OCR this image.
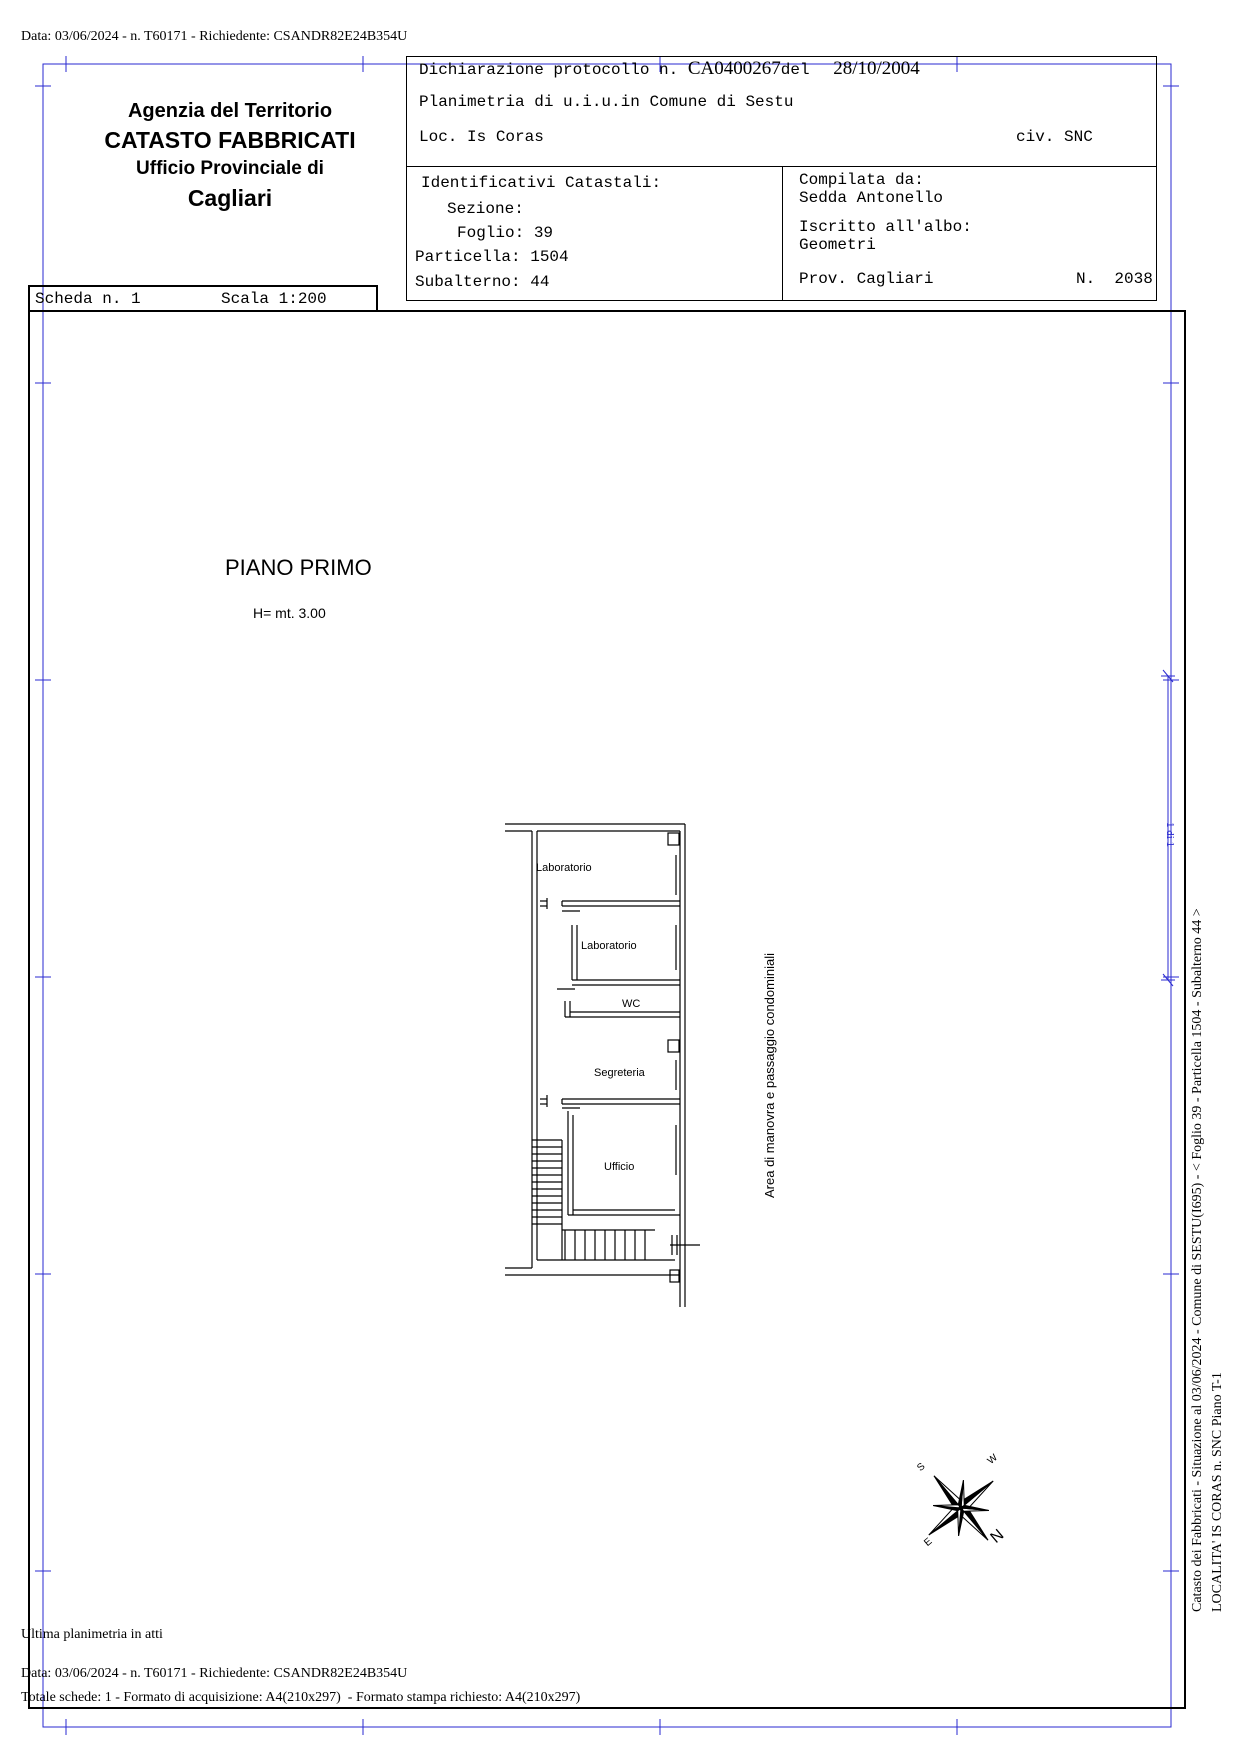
Data: 03/06/2024 - n. T60171 - Richiedente: CSANDR82E24B354U
Agenzia del Territorio
CATASTO FABBRICATI
Ufficio Provinciale di
Cagliari
Dichiarazione protocollo n. CA0400267del 28/10/2004
Planimetria di u.i.u.in Comune di Sestu
Loc. Is Coras	civ. SNC
Identificativi Catastali:
Sezione:
Foglio: 39
Particella: 1504
Subalterno: 44
Compilata da:
Sedda Antonello
Iscritto all'albo:
Geometri
Prov. Cagliari	N.  2038
Scheda n. 1	Scala 1:200
PIANO PRIMO
H= mt. 3.00
Laboratorio
Laboratorio
WC
Segreteria
Ufficio	Area di manovra e passaggio condominiali
N
S
W
E	Catasto dei Fabbricati - Situazione al 03/06/2024 - Comune di SESTU(I695) - < Foglio 39 - Particella 1504 - Subalterno 44 > LOCALITA' IS CORAS n. SNC Piano T-1
1 di 1
Ultima planimetria in atti
Data: 03/06/2024 - n. T60171 - Richiedente: CSANDR82E24B354U
Totale schede: 1 - Formato di acquisizione: A4(210x297)  - Formato stampa richiesto: A4(210x297)
